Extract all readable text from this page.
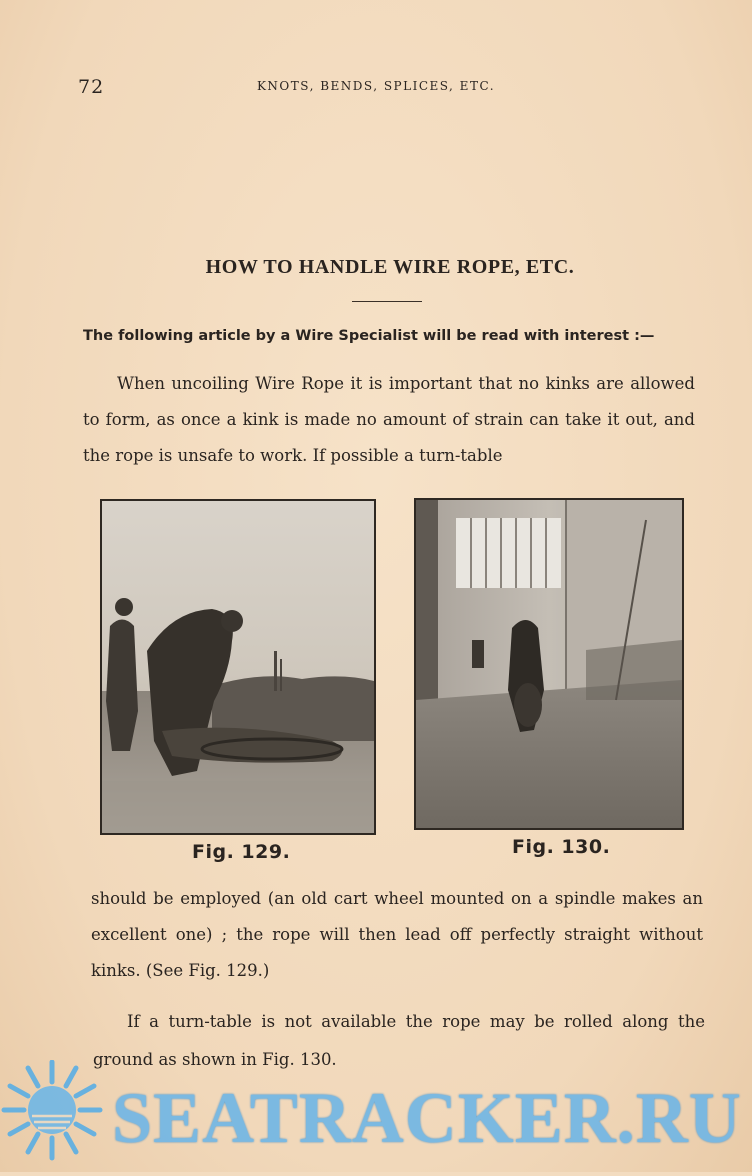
72	KNOTS, BENDS, SPLICES, ETC.
HOW TO HANDLE WIRE ROPE, ETC.
The following article by a Wire Specialist will be read with interest :—

When uncoiling Wire Rope it is important that no kinks are allowed to form, as once a kink is made no amount of strain can take it out, and the rope is unsafe to work. If possible a turn-table

Fig. 129.	Fig. 130.

should be employed (an old cart wheel mounted on a spindle makes an excellent one) ; the rope will then lead off perfectly straight without kinks. (See Fig. 129.)

If a turn-table is not available the rope may be rolled along the ground as shown in Fig. 130.

SEATRACKER.RU
